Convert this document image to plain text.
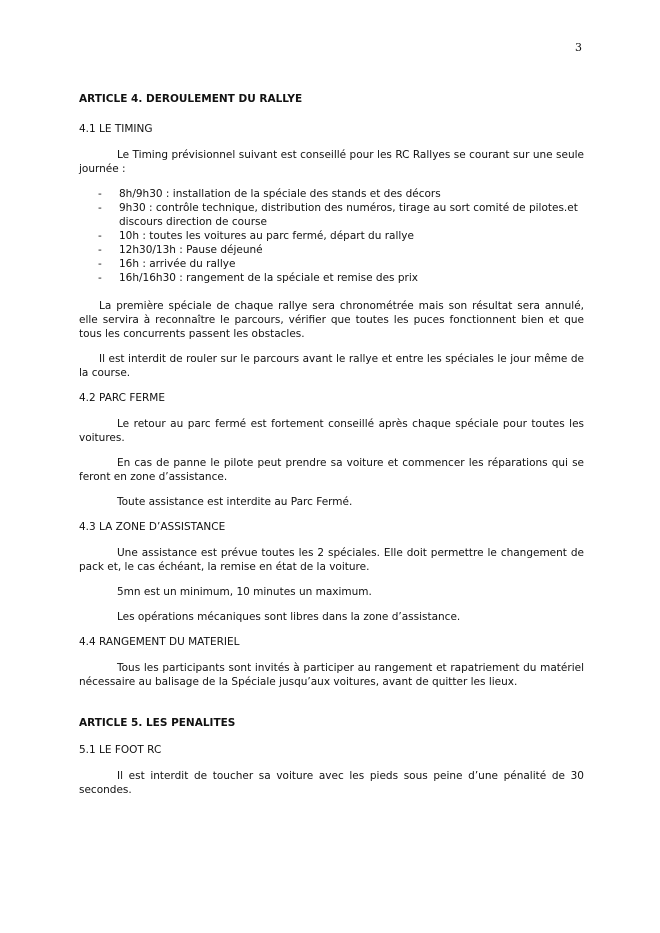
3
ARTICLE 4. DEROULEMENT DU RALLYE
4.1 LE TIMING

Le Timing prévisionnel suivant est conseillé pour les RC Rallyes se courant sur une seule journée :

- 8h/9h30 : installation de la spéciale des stands et des décors
- 9h30 : contrôle technique, distribution des numéros, tirage au sort comité de pilotes.et discours direction de course
- 10h : toutes les voitures au parc fermé, départ du rallye
- 12h30/13h : Pause déjeuné
- 16h : arrivée du rallye
- 16h/16h30 : rangement de la spéciale et remise des prix

La première spéciale de chaque rallye sera chronométrée mais son résultat sera annulé, elle servira à reconnaître le parcours, vérifier que toutes les puces fonctionnent bien et que tous les concurrents passent les obstacles.

Il est interdit de rouler sur le parcours avant le rallye et entre les spéciales le jour même de la course.

4.2 PARC FERME

Le retour au parc fermé est fortement conseillé après chaque spéciale pour toutes les voitures.

En cas de panne le pilote peut prendre sa voiture et commencer les réparations qui se feront en zone d’assistance.

Toute assistance est interdite au Parc Fermé.

4.3 LA ZONE D’ASSISTANCE

Une assistance est prévue toutes les 2 spéciales. Elle doit permettre le changement de pack et, le cas échéant, la remise en état de la voiture.

5mn est un minimum, 10 minutes un maximum.

Les opérations mécaniques sont libres dans la zone d’assistance.

4.4 RANGEMENT DU MATERIEL

Tous les participants sont invités à participer au rangement et rapatriement du matériel nécessaire au balisage de la Spéciale jusqu’aux voitures, avant de quitter les lieux.

ARTICLE 5. LES PENALITES
5.1 LE FOOT RC

Il est interdit de toucher sa voiture avec les pieds sous peine d’une pénalité de 30 secondes.
